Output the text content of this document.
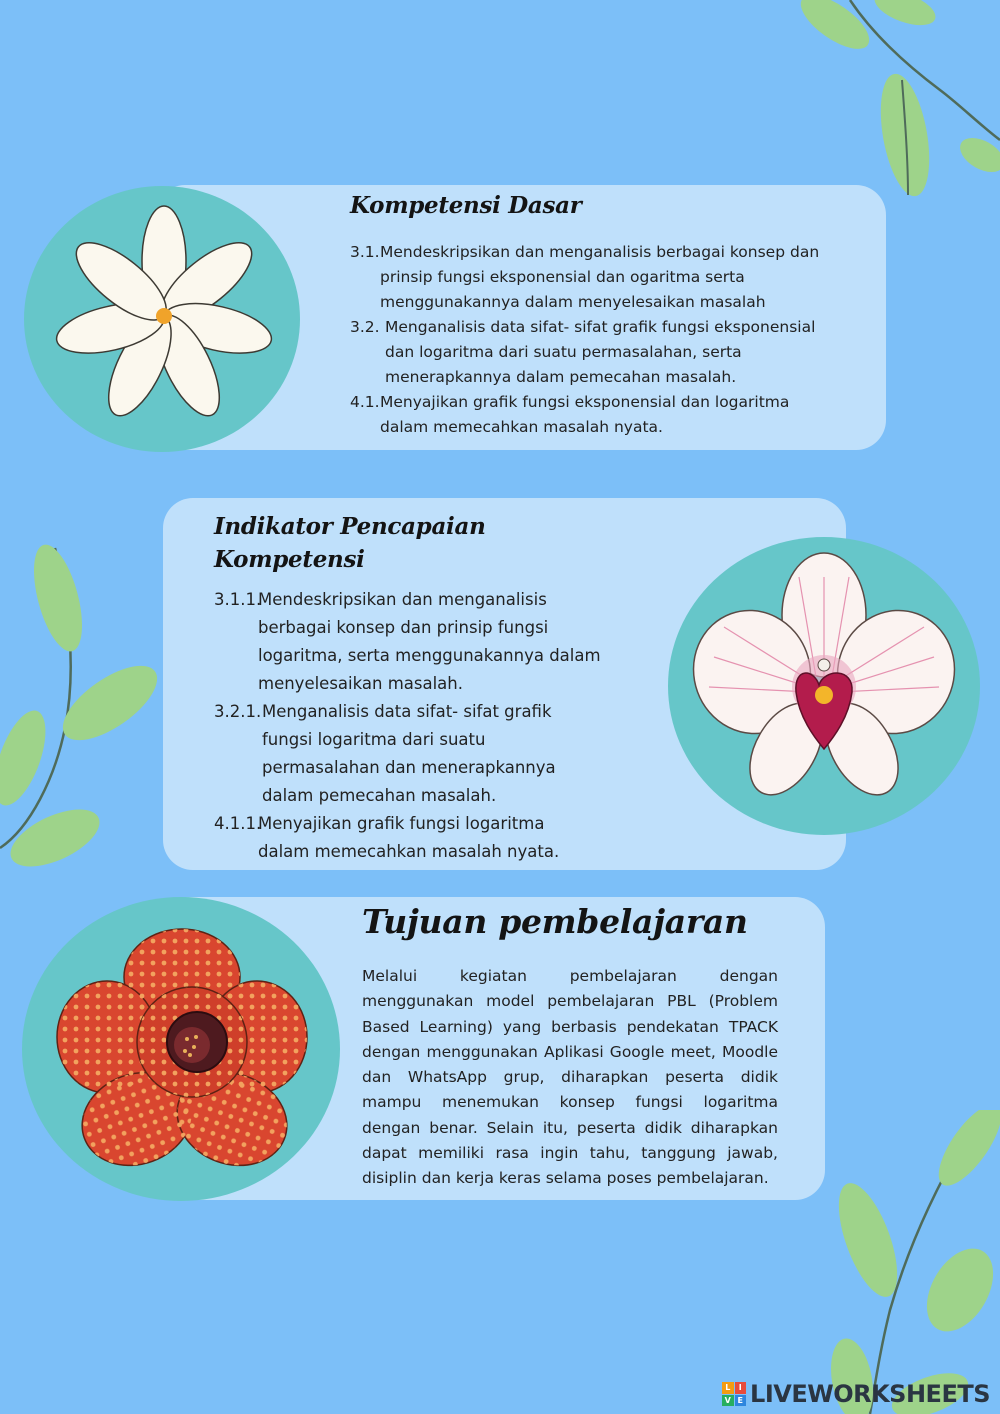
Kompetensi Dasar
3.1. Mendeskripsikan dan menganalisis berbagai konsep dan
prinsip fungsi eksponensial dan ogaritma serta
menggunakannya dalam menyelesaikan masalah
3.2. Menganalisis data sifat- sifat grafik fungsi eksponensial
dan logaritma dari suatu permasalahan, serta
menerapkannya dalam pemecahan masalah.
4.1. Menyajikan grafik fungsi eksponensial dan logaritma
dalam memecahkan masalah nyata.
Indikator Pencapaian
Kompetensi
3.1.1.
Mendeskripsikan dan menganalisis
berbagai konsep dan prinsip fungsi
logaritma, serta menggunakannya dalam
menyelesaikan masalah.
3.2.1. Menganalisis data sifat- sifat grafik
fungsi logaritma dari suatu
permasalahan dan menerapkannya
dalam pemecahan masalah.
4.1.1.
Menyajikan grafik fungsi logaritma
dalam memecahkan masalah nyata.
Tujuan pembelajaran

Melalui kegiatan pembelajaran dengan menggunakan model pembelajaran PBL (Problem Based Learning) yang berbasis pendekatan TPACK dengan menggunakan Aplikasi Google meet, Moodle dan WhatsApp grup, diharapkan peserta didik mampu menemukan konsep fungsi logaritma dengan benar. Selain itu, peserta didik diharapkan dapat memiliki rasa ingin tahu, tanggung jawab, disiplin dan kerja keras selama poses pembelajaran.

L	I
V E LIVEWORKSHEETS
